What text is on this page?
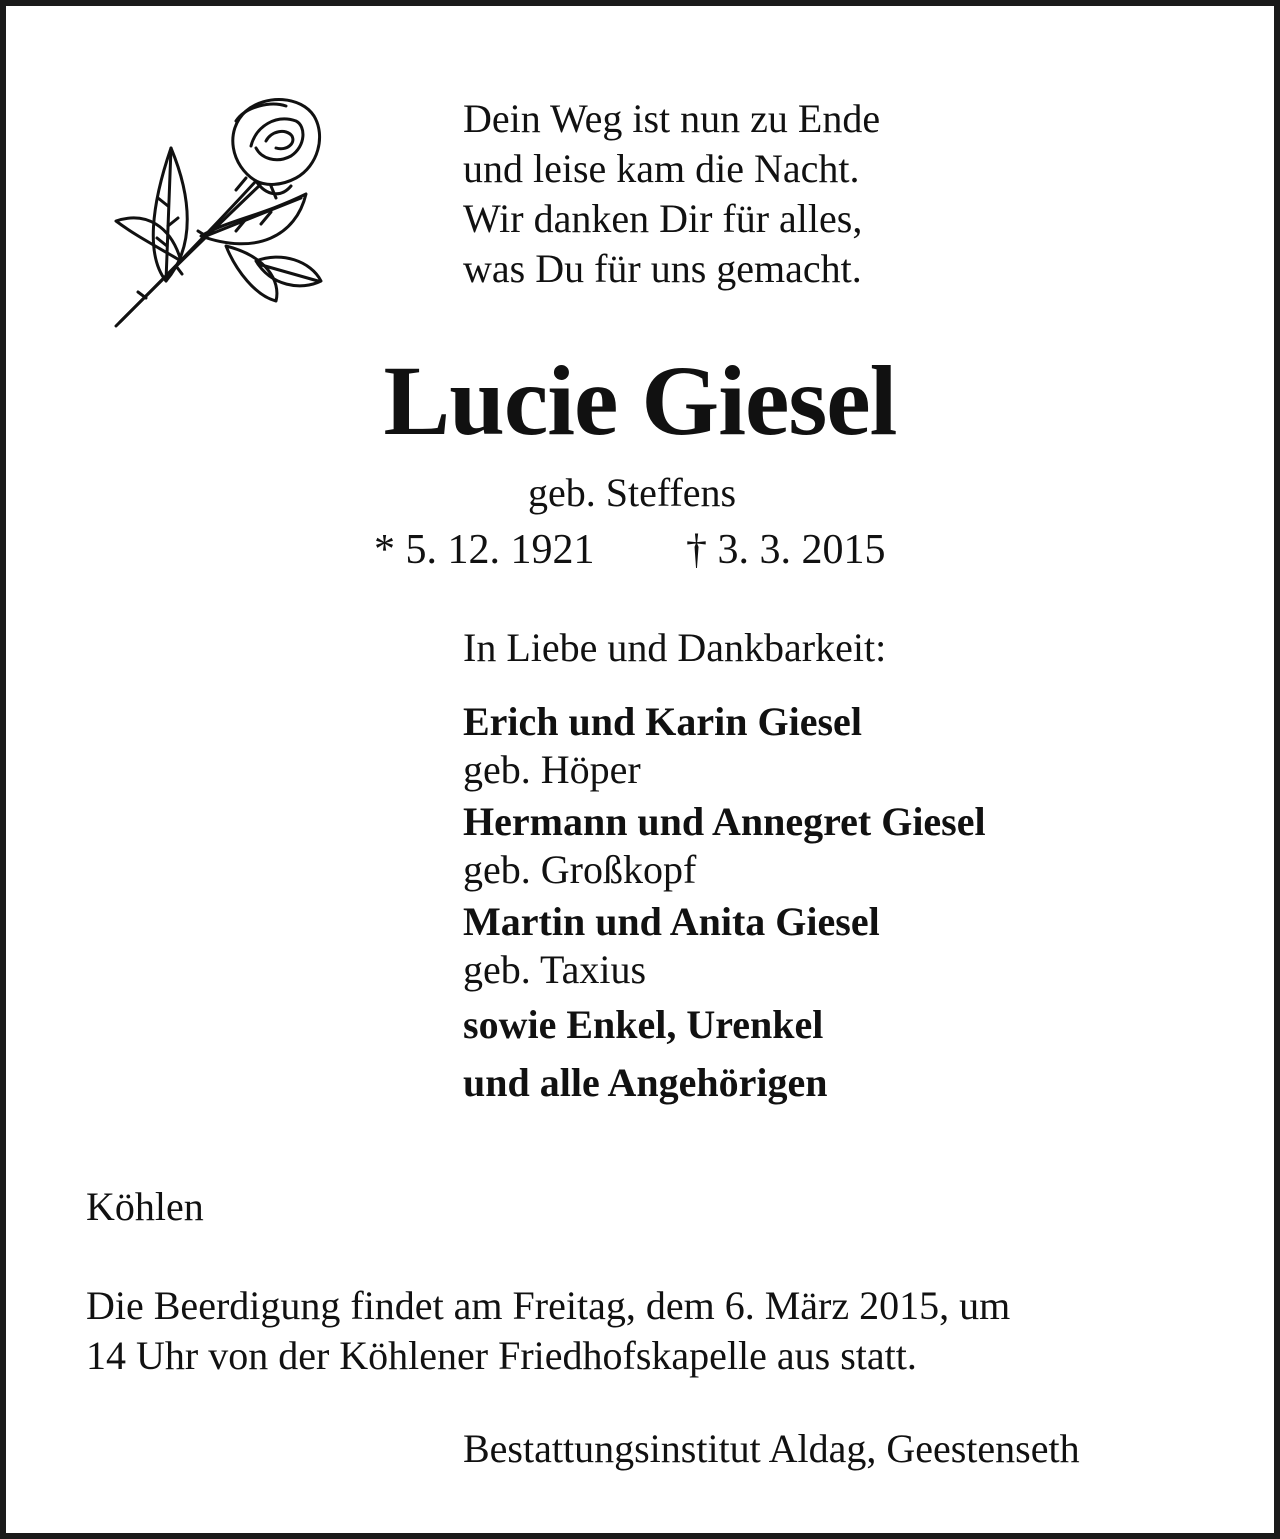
Dein Weg ist nun zu Ende
und leise kam die Nacht.
Wir danken Dir für alles,
was Du für uns gemacht.
Lucie Giesel
geb. Steffens
* 5. 12. 1921 † 3. 3. 2015
In Liebe und Dankbarkeit:
Erich und Karin Giesel
geb. Höper
Hermann und Annegret Giesel
geb. Großkopf
Martin und Anita Giesel
geb. Taxius
sowie Enkel, Urenkel
und alle Angehörigen
Köhlen
Die Beerdigung findet am Freitag, dem 6. März 2015, um
14 Uhr von der Köhlener Friedhofskapelle aus statt.
Bestattungsinstitut Aldag, Geestenseth
